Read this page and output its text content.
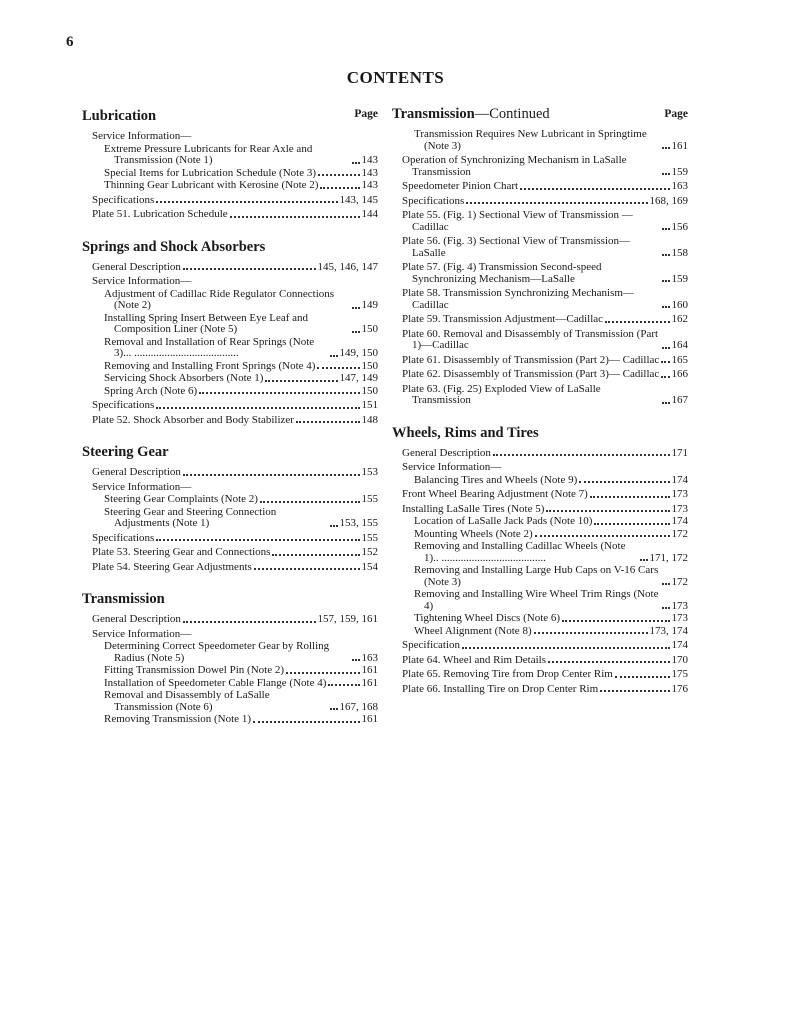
6
CONTENTS
Page
Lubrication
Service Information—
Extreme Pressure Lubricants for Rear Axle and Transmission (Note 1)	143
Special Items for Lubrication Schedule (Note 3)	143
Thinning Gear Lubricant with Kerosine (Note 2)	143
Specifications	143, 145
Plate 51. Lubrication Schedule	144
Springs and Shock Absorbers
General Description	145, 146, 147
Service Information—
Adjustment of Cadillac Ride Regulator Connections (Note 2)	149
Installing Spring Insert Between Eye Leaf and Composition Liner (Note 5)	150
Removal and Installation of Rear Springs (Note 3)... ......................................	149, 150
Removing and Installing Front Springs (Note 4)	150
Servicing Shock Absorbers (Note 1)	147, 149
Spring Arch (Note 6)	150
Specifications	151
Plate 52. Shock Absorber and Body Stabilizer	148
Steering Gear
General Description	153
Service Information—
Steering Gear Complaints (Note 2)	155
Steering Gear and Steering Connection Adjustments (Note 1)	153, 155
Specifications	155
Plate 53. Steering Gear and Connections	152
Plate 54. Steering Gear Adjustments	154
Transmission
General Description	157, 159, 161
Service Information—
Determining Correct Speedometer Gear by Rolling Radius (Note 5)	163
Fitting Transmission Dowel Pin (Note 2)	161
Installation of Speedometer Cable Flange (Note 4)	161
Removal and Disassembly of LaSalle Transmission (Note 6)	167, 168
Removing Transmission (Note 1)	161
Page
Transmission—Continued
Transmission Requires New Lubricant in Springtime (Note 3)	161
Operation of Synchronizing Mechanism in LaSalle Transmission	159
Speedometer Pinion Chart	163
Specifications	168, 169
Plate 55. (Fig. 1) Sectional View of Transmission — Cadillac	156
Plate 56. (Fig. 3) Sectional View of Transmission— LaSalle	158
Plate 57. (Fig. 4) Transmission Second-speed Synchronizing Mechanism—LaSalle	159
Plate 58. Transmission Synchronizing Mechanism— Cadillac	160
Plate 59. Transmission Adjustment—Cadillac	162
Plate 60. Removal and Disassembly of Transmission (Part 1)—Cadillac	164
Plate 61. Disassembly of Transmission (Part 2)— Cadillac 165
Plate 62. Disassembly of Transmission (Part 3)— Cadillac 166
Plate 63. (Fig. 25) Exploded View of LaSalle Transmission	167
Wheels, Rims and Tires
General Description	171
Service Information—
Balancing Tires and Wheels (Note 9)	174
Front Wheel Bearing Adjustment (Note 7)	173
Installing LaSalle Tires (Note 5)	173
Location of LaSalle Jack Pads (Note 10)	174
Mounting Wheels (Note 2)	172
Removing and Installing Cadillac Wheels (Note 1).. ......................................	171, 172
Removing and Installing Large Hub Caps on V-16 Cars (Note 3)	172
Removing and Installing Wire Wheel Trim Rings (Note 4)	173
Tightening Wheel Discs (Note 6)	173
Wheel Alignment (Note 8)	173, 174
Specification	174
Plate 64. Wheel and Rim Details	170
Plate 65. Removing Tire from Drop Center Rim	175
Plate 66. Installing Tire on Drop Center Rim	176
